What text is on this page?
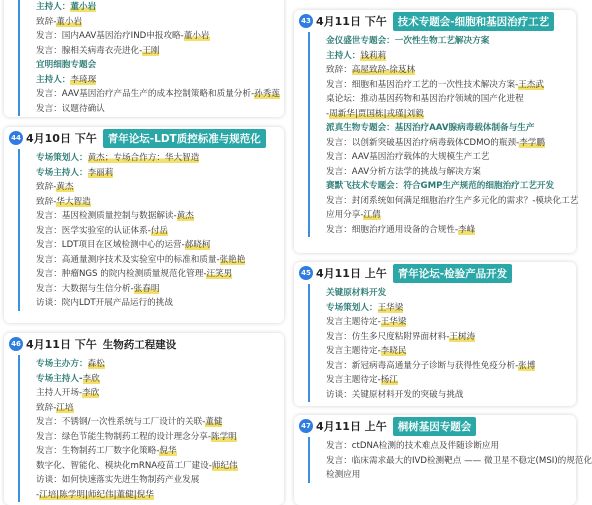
主持人：董小岩
致辞-董小岩
发言：国内AAV基因治疗IND申报攻略-董小岩
发言：腺相关病毒衣壳进化-王刚
宜明细胞专题会
主持人：李琦琛
发言：AAV基因治疗产品生产的成本控制策略和质量分析-孙秀莲
发言：议题待确认
44 4月10日 下午	青年论坛-LDT质控标准与规范化
专场策划人：黄杰；专场合作方：华大智造
专场主持人：李丽莉
致辞-黄杰
致辞-华大智造
发言：基因检测质量控制与数据解读-黄杰
发言：医学实验室的认证体系-付岳
发言：LDT项目在区域检测中心的运营-郝晓柯
发言：高通量测序技术及实验室中的标准和质量-张艳艳
发言：肿瘤NGS 的院内检测质量规范化管理-汪笑男
发言：大数据与生信分析-张春明
访谈：院内LDT开展产品运行的挑战
46 4月11日 下午 生物药工程建设
专场主办方：森松
专场主持人-李欣
主持人开场-李欣
致辞-江培
发言：不锈钢/一次性系统与工厂设计的关联-董健
发言：绿色节能生物制药工程的设计理念分享-陈学明
发言：生物制药工厂数字化策略-倪华
数字化、智能化、模块化mRNA疫苗工厂建设-师纪伟
访谈：如何快速落实先进生物制药产业发展
-江培|陈学明|师纪伟|董健|倪华
43 4月11日 下午	技术专题会-细胞和基因治疗工艺
金仪盛世专题会：一次性生物工艺解决方案
主持人：钱莉莉
致辞：高屋致辞-徐芨林
发言：细胞和基因治疗工艺的一次性技术解决方案-王杰武
桌论坛：推动基因药物和基因治疗领域的国产化进程
-周新华|贾国栋|戎瑾|刘毅
派真生物专题会：基因治疗AAV腺病毒载体制备与生产
发言：以创新突破基因治疗病毒载体CDMO的瓶颈-李学鹏
发言：AAV基因治疗载体的大规模生产工艺
发言：AAV分析方法学的挑战与解决方案
赛默飞技术专题会：符合GMP生产规范的细胞治疗工艺开发
发言：封闭系统如何满足细胞治疗生产多元化的需求？-模块化工艺
应用分享-江倩
发言：细胞治疗通用设备的合规性-李峰
45 4月11日 上午	青年论坛-检验产品开发
关键原材料开发
专场策划人：王华梁
发言主题待定-王华梁
发言：仿生多尺度粘附界面材料-王树涛
发言主题待定-李晓民
发言：新冠病毒高通量分子诊断与获得性免疫分析-张博
发言主题待定-杨江
访谈：关键原材料开发的突破与挑战
47 4月11日 上午	桐树基因专题会
发言：ctDNA检测的技术难点及伴随诊断应用
发言：临床需求最大的IVD检测靶点 —— 微卫星不稳定(MSI)的规范化
检测应用
